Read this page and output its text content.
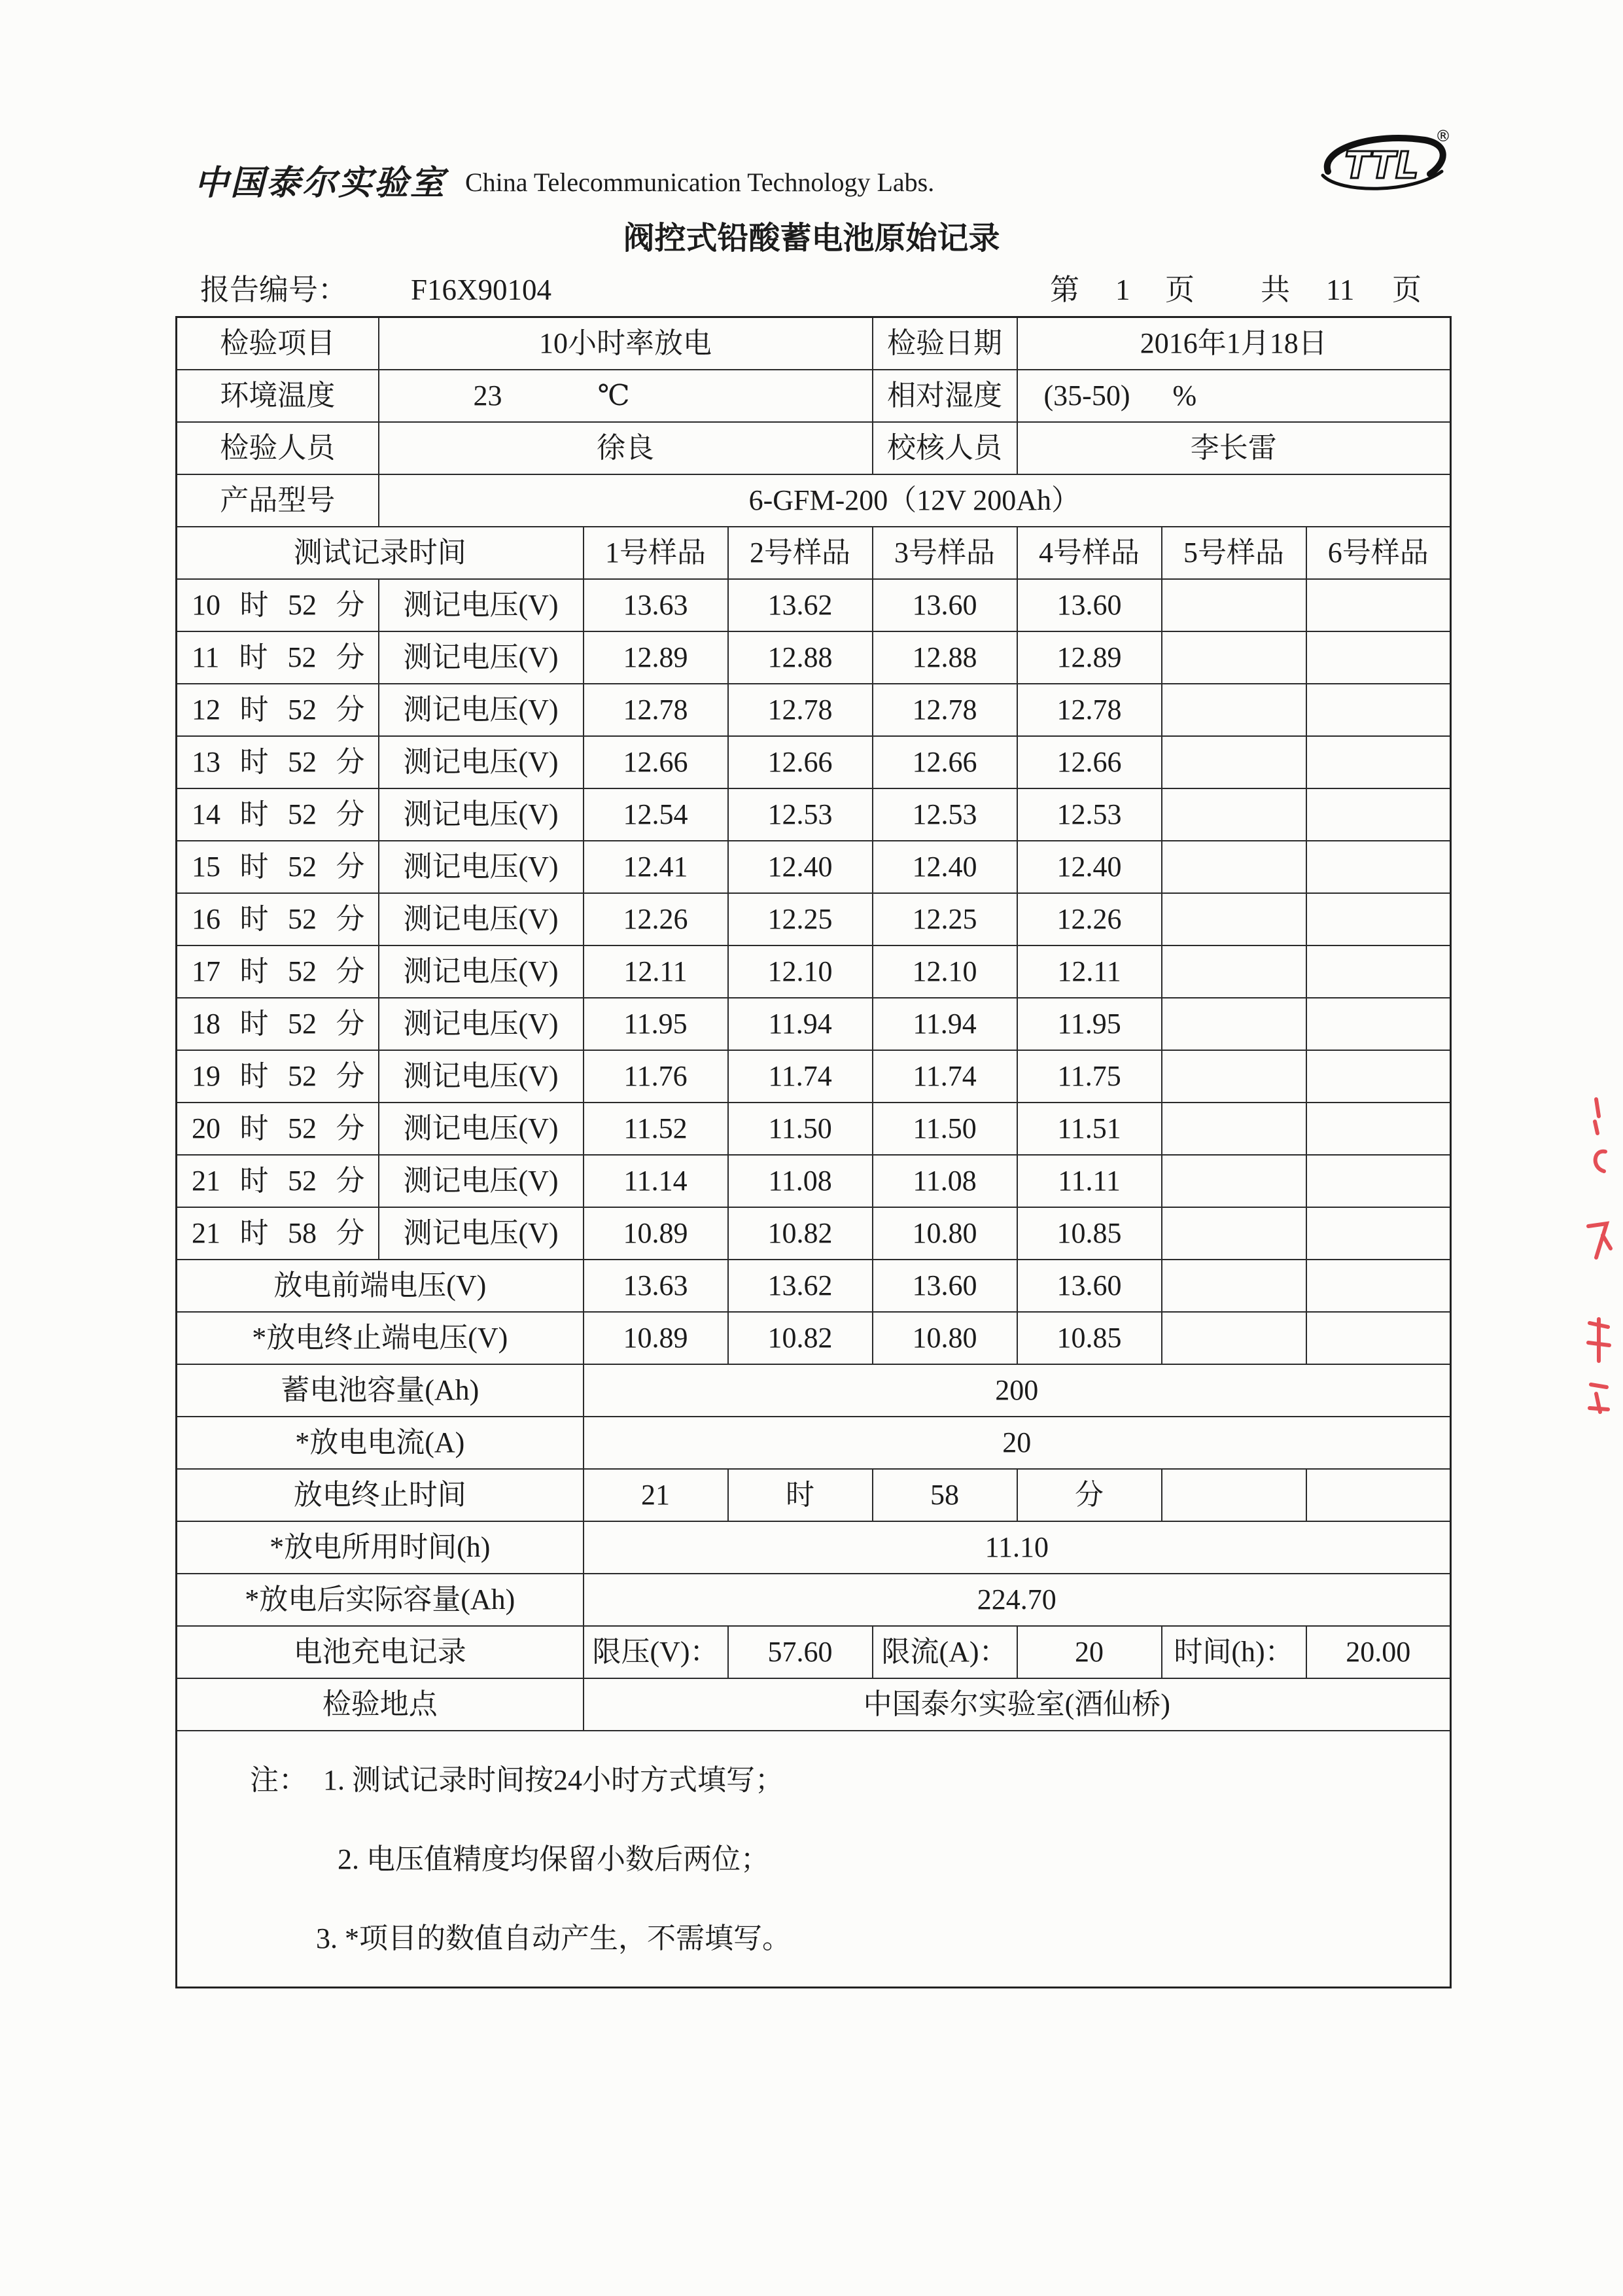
中国泰尔实验室 China Telecommunication Technology Labs.	TTL
®
阀控式铅酸蓄电池原始记录
报告编号： F16X90104	第 1 页 共 11 页
检验项目	10小时率放电			检验日期	2016年1月18日		
环境温度	23 ℃			相对湿度	(35-50) %		

检验人员	徐良			校核人员	李长雷		
产品型号	6-GFM-200（12V 200Ah）						
测试记录时间		1号样品	2号样品	3号样品	4号样品	5号样品	6号样品

10 时 52 分	测记电压(V)	13.63	13.62	13.60	13.60		

11 时 52 分	测记电压(V)	12.89	12.88	12.88	12.89		

12 时 52 分	测记电压(V)	12.78	12.78	12.78	12.78		

13 时 52 分	测记电压(V)	12.66	12.66	12.66	12.66		

14 时 52 分	测记电压(V)	12.54	12.53	12.53	12.53		

15 时 52 分	测记电压(V)	12.41	12.40	12.40	12.40		

16 时 52 分	测记电压(V)	12.26	12.25	12.25	12.26		

17 时 52 分	测记电压(V)	12.11	12.10	12.10	12.11		

18 时 52 分	测记电压(V)	11.95	11.94	11.94	11.95		

19 时 52 分	测记电压(V)	11.76	11.74	11.74	11.75		

20 时 52 分	测记电压(V)	11.52	11.50	11.50	11.51		

21 时 52 分	测记电压(V)	11.14	11.08	11.08	11.11		

21 时 58 分	测记电压(V)	10.89	10.82	10.80	10.85		
放电前端电压(V)		13.63	13.62	13.60	13.60		
*放电终止端电压(V)		10.89	10.82	10.80	10.85		
蓄电池容量(Ah)		200					
*放电电流(A)		20					
放电终止时间		21	时	58	分		
*放电所用时间(h)		11.10					
*放电后实际容量(Ah)		224.70					
电池充电记录		限压(V)：	57.60	限流(A)：	20	时间(h)：	20.00
检验地点		中国泰尔实验室(酒仙桥)					

注： 1. 测试记录时间按24小时方式填写；
2. 电压值精度均保留小数后两位；
3. *项目的数值自动产生，不需填写。							
